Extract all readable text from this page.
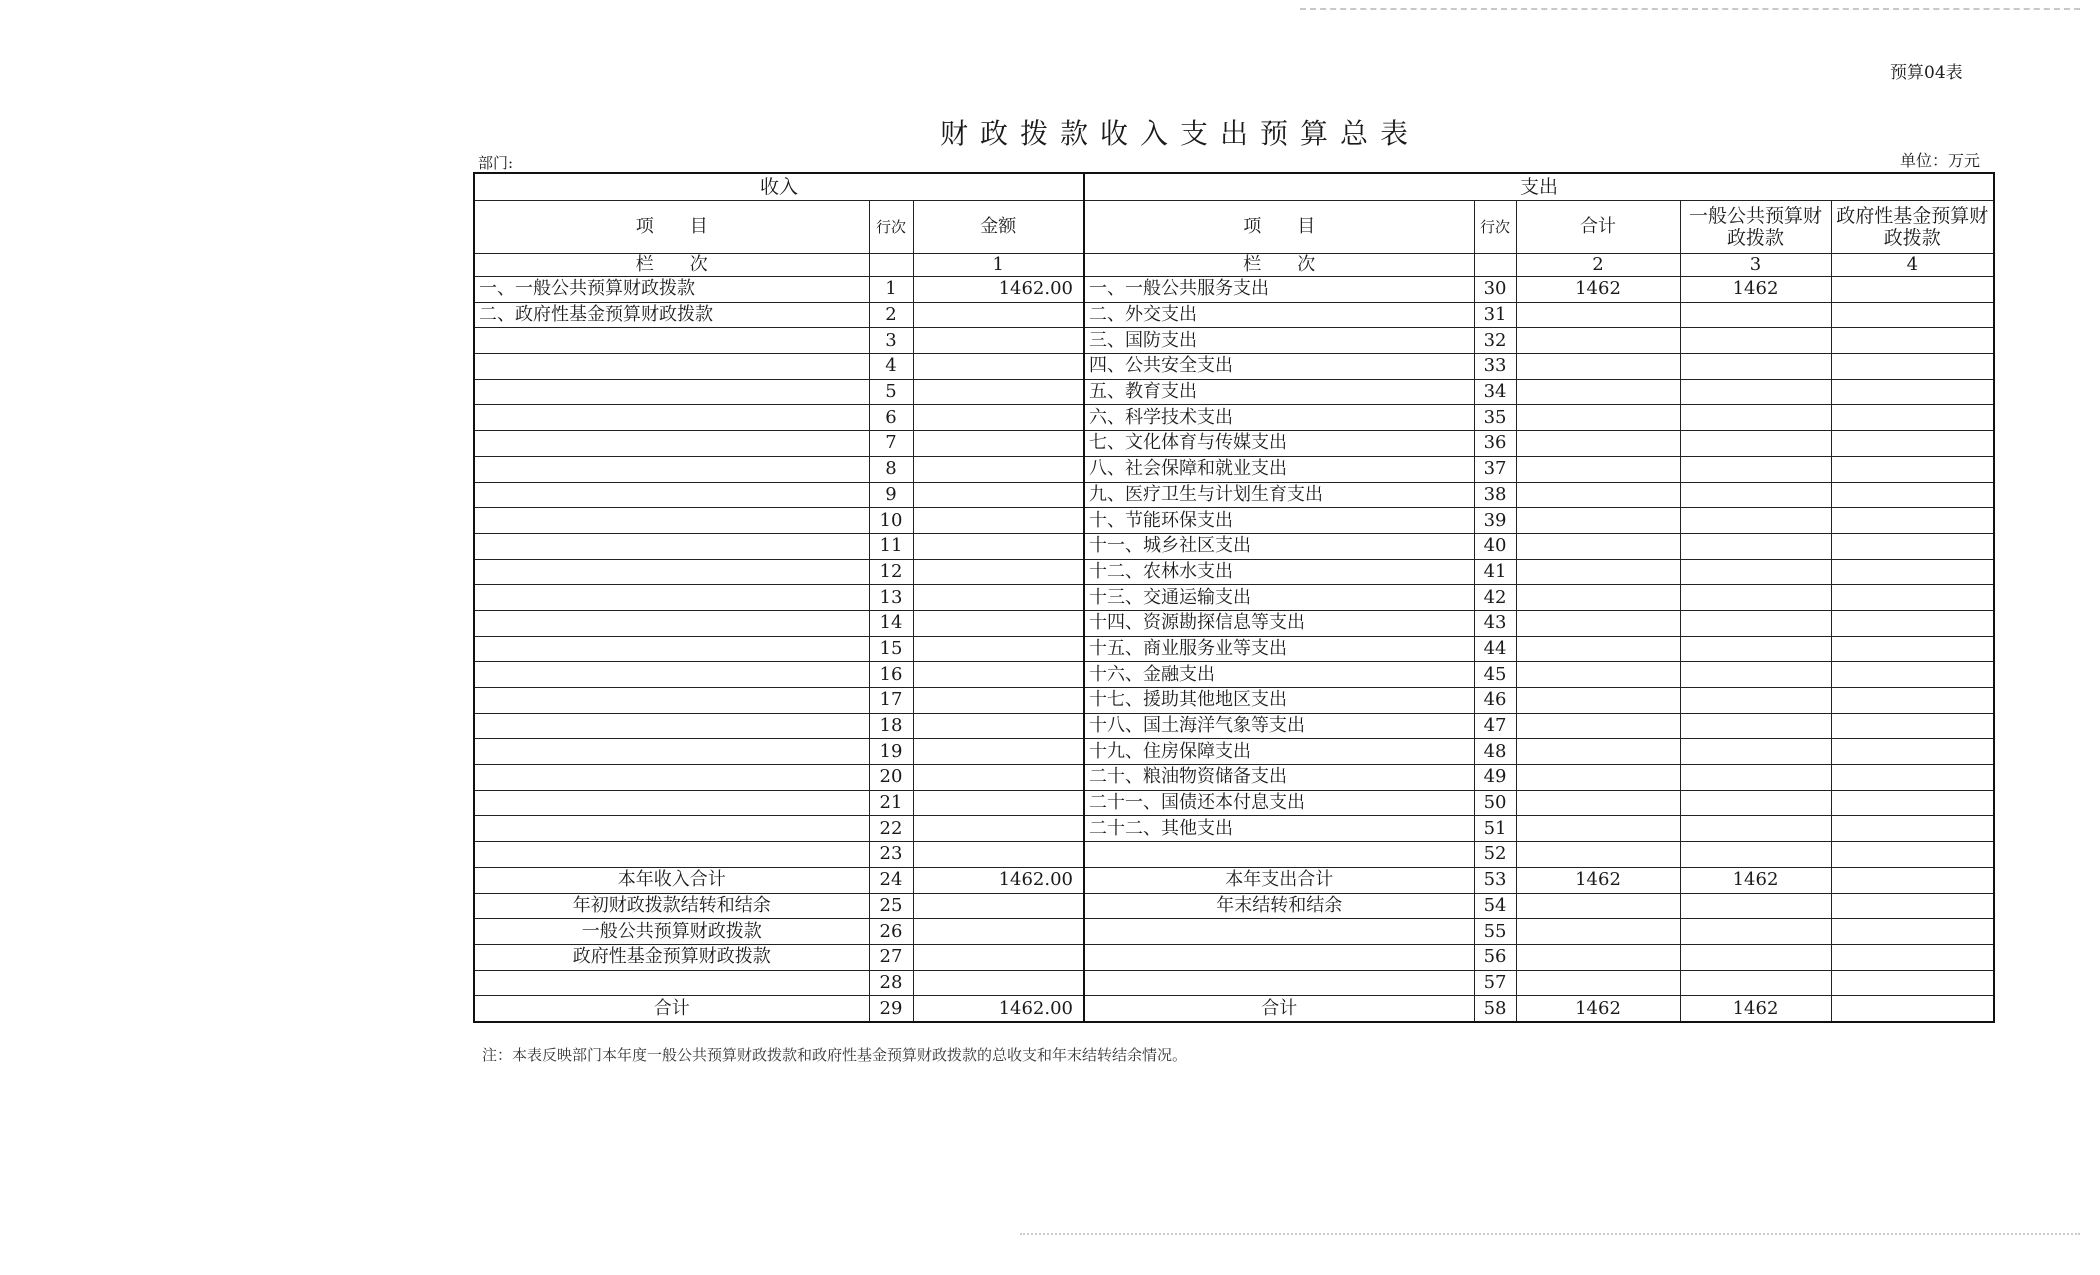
预算04表
财政拨款收入支出预算总表
部门:	单位：万元
收入			支出				
项　　目	行次	金额	项　　目	行次	合计	一般公共预算财政拨款	政府性基金预算财政拨款
栏　　次		1	栏　　次		2	3	4
一、一般公共预算财政拨款	1	1462.00	一、一般公共服务支出	30	1462	1462	
二、政府性基金预算财政拨款	2		二、外交支出	31			
	3		三、国防支出	32			
	4		四、公共安全支出	33			
	5		五、教育支出	34			
	6		六、科学技术支出	35			
	7		七、文化体育与传媒支出	36			
	8		八、社会保障和就业支出	37			
	9		九、医疗卫生与计划生育支出	38			
	10		十、节能环保支出	39			
	11		十一、城乡社区支出	40			
	12		十二、农林水支出	41			
	13		十三、交通运输支出	42			
	14		十四、资源勘探信息等支出	43			
	15		十五、商业服务业等支出	44			
	16		十六、金融支出	45			
	17		十七、援助其他地区支出	46			
	18		十八、国土海洋气象等支出	47			
	19		十九、住房保障支出	48			
	20		二十、粮油物资储备支出	49			
	21		二十一、国债还本付息支出	50			
	22		二十二、其他支出	51			
	23			52			
本年收入合计	24	1462.00	本年支出合计	53	1462	1462	
年初财政拨款结转和结余	25		年末结转和结余	54			
一般公共预算财政拨款	26			55			
政府性基金预算财政拨款	27			56			
	28			57			
合计	29	1462.00	合计	58	1462	1462	
注：本表反映部门本年度一般公共预算财政拨款和政府性基金预算财政拨款的总收支和年末结转结余情况。
